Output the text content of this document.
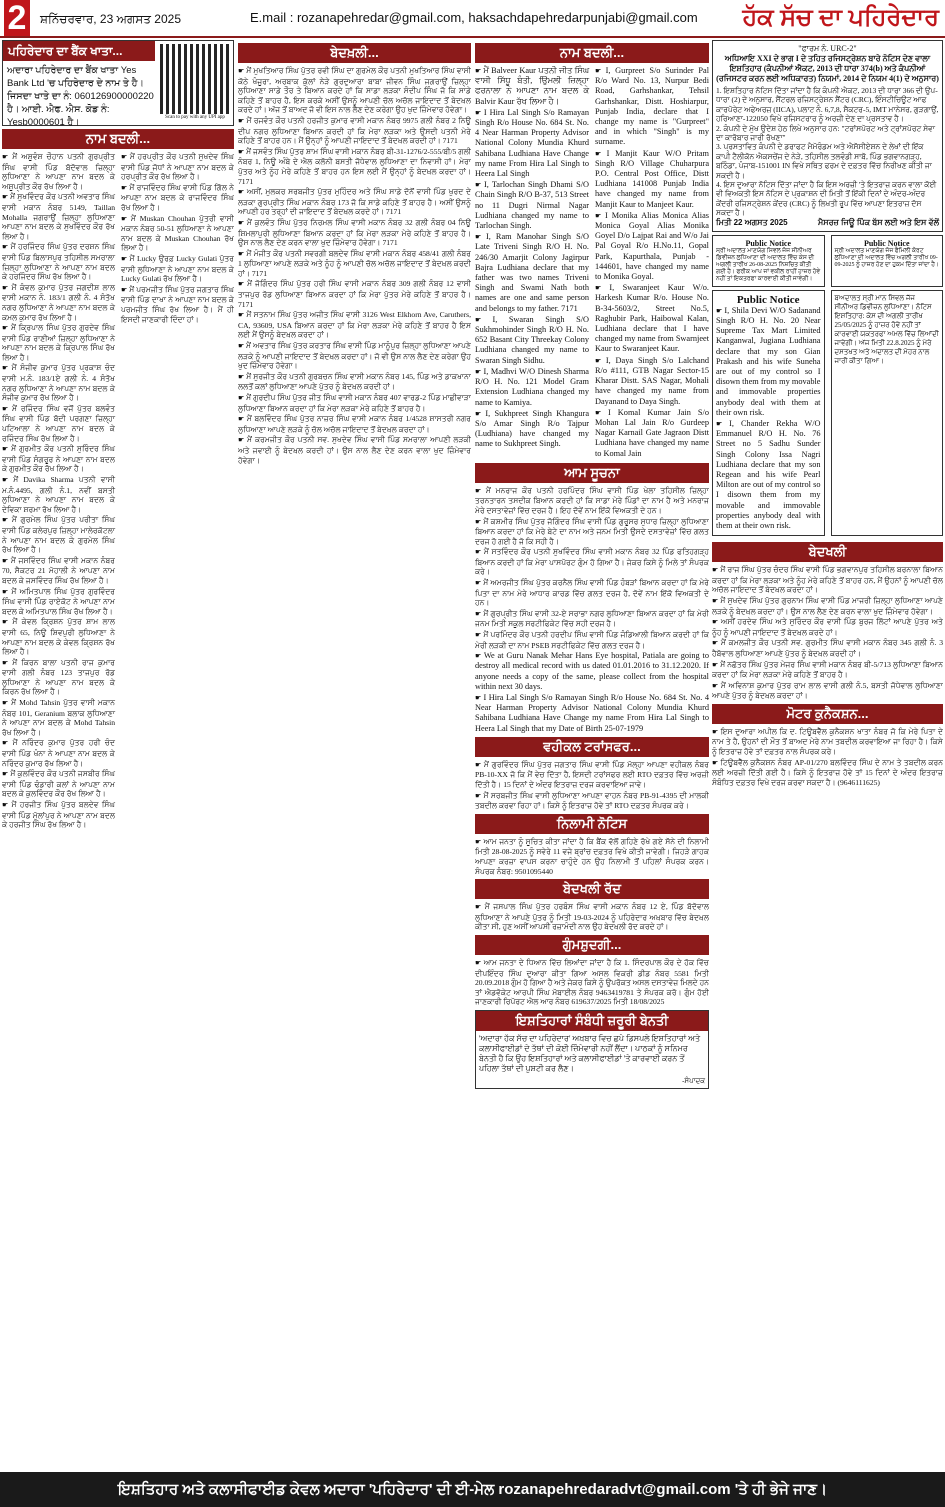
2 ਸ਼ਨਿੱਚਰਵਾਰ, 23 ਅਗਸਤ 2025	E.mail : rozanapehredar@gmail.com, haksachdapehredarpunjabi@gmail.com ਹੱਕ ਸੱਚ ਦਾ ਪਹਿਰੇਦਾਰ
ਪਹਿਰੇਦਾਰ ਦਾ ਬੈਂਕ ਖਾਤਾ...
ਅਦਾਰਾ ਪਹਿਰੇਦਾਰ ਦਾ ਬੈਂਕ ਖਾਤਾ Yes Bank Ltd 'ਚ ਪਹਿਰੇਦਾਰ ਦੇ ਨਾਮ ਤੇ ਹੈ। ਜਿਸਦਾ ਖਾਤੇ ਦਾ ਨੰ: 060126900000220 ਹੈ। ਆਈ. ਐਫ. ਐਸ. ਕੋਡ ਨੰ: Yesb0000601 ਹੈ।	Scan to pay with any UPI app
ਨਾਮ ਬਦਲੀ...

☛ ਮੈਂ ਅਸ਼ੂਵੰਸ਼ ਚੌਹਾਨ ਪਤਨੀ ਗੁਰਪ੍ਰੀਤ ਸਿੰਘ ਵਾਸੀ ਪਿੰਡ ਬੱਦੋਵਾਲ ਜ਼ਿਲ੍ਹਾ ਲੁਧਿਆਣਾ ਨੇ ਆਪਣਾ ਨਾਮ ਬਦਲ ਕੇ ਅਸ਼ੂਪ੍ਰੀਤ ਕੌਰ ਰੱਖ ਲਿਆ ਹੈ।

☛ ਮੈਂ ਸੁਖਵਿੰਦਰ ਕੌਰ ਪਤਨੀ ਅਵਤਾਰ ਸਿੰਘ ਵਾਸੀ ਮਕਾਨ ਨੰਬਰ 5149, Taillan Mohalla ਜਗਰਾਉਂ ਜ਼ਿਲ੍ਹਾ ਲੁਧਿਆਣਾ ਆਪਣਾ ਨਾਮ ਬਦਲ ਕੇ ਸੁਖਵਿੰਦਰ ਕੌਰ ਰੱਖ ਲਿਆ ਹੈ।

☛ ਮੈਂ ਹਰਜਿੰਦਰ ਸਿੰਘ ਪੁੱਤਰ ਦਰਸ਼ਨ ਸਿੰਘ ਵਾਸੀ ਪਿੰਡ ਬਿਲਾਸਪੁਰ ਤਹਿਸੀਲ ਸਮਰਾਲਾ ਜ਼ਿਲ੍ਹਾ ਲੁਧਿਆਣਾ ਨੇ ਆਪਣਾ ਨਾਮ ਬਦਲ ਕੇ ਹਰਜਿੰਦਰ ਸਿੰਘ ਰੱਖ ਲਿਆ ਹੈ।

☛ ਮੈਂ ਕੰਵਲ ਕੁਮਾਰ ਪੁੱਤਰ ਜਗਦੀਸ਼ ਲਾਲ ਵਾਸੀ ਮਕਾਨ ਨੰ. 183/1 ਗਲੀ ਨੰ. 4 ਸੰਤੋਖ ਨਗਰ ਲੁਧਿਆਣਾ ਨੇ ਆਪਣਾ ਨਾਮ ਬਦਲ ਕੇ ਕਮਲ ਕੁਮਾਰ ਰੱਖ ਲਿਆ ਹੈ।

☛ ਮੈਂ ਕ੍ਰਿਪਾਲ ਸਿੰਘ ਪੁੱਤਰ ਗੁਰਦੇਵ ਸਿੰਘ ਵਾਸੀ ਪਿੰਡ ਰਾਣੀਆਂ ਜ਼ਿਲ੍ਹਾ ਲੁਧਿਆਣਾ ਨੇ ਆਪਣਾ ਨਾਮ ਬਦਲ ਕੇ ਕ੍ਰਿਪਾਲ ਸਿੰਘ ਰੱਖ ਲਿਆ ਹੈ।

☛ ਮੈਂ ਸੰਜੀਵ ਕੁਮਾਰ ਪੁੱਤਰ ਪ੍ਰਕਾਸ਼ ਚੰਦ ਵਾਸੀ ਮ.ਨੰ. 183/1ਏ ਗਲੀ ਨੰ. 4 ਸੰਤੋਖ ਨਗਰ ਲੁਧਿਆਣਾ ਨੇ ਆਪਣਾ ਨਾਮ ਬਦਲ ਕੇ ਸੰਜੀਵ ਕੁਮਾਰ ਰੱਖ ਲਿਆ ਹੈ।

☛ ਮੈਂ ਰਜਿੰਦਰ ਸਿੰਘ ਵਜੋਂ ਪੁੱਤਰ ਬਲਵੰਤ ਸਿੰਘ ਵਾਸੀ ਪਿੰਡ ਬੱਦੀ ਪਰਗਣਾ ਜ਼ਿਲ੍ਹਾ ਪਟਿਆਲਾ ਨੇ ਆਪਣਾ ਨਾਮ ਬਦਲ ਕੇ ਰਜਿੰਦਰ ਸਿੰਘ ਰੱਖ ਲਿਆ ਹੈ।

☛ ਮੈਂ ਗੁਰਮੀਤ ਕੌਰ ਪਤਨੀ ਸੁਰਿੰਦਰ ਸਿੰਘ ਵਾਸੀ ਪਿੰਡ ਸੰਗਰੂਰ ਨੇ ਆਪਣਾ ਨਾਮ ਬਦਲ ਕੇ ਗੁਰਮੀਤ ਕੌਰ ਰੱਖ ਲਿਆ ਹੈ।

☛ ਮੈਂ Davika Sharma ਪਤਨੀ ਵਾਸੀ ਮ.ਨੰ.4495, ਗਲੀ ਨੰ.1, ਨਵੀਂ ਬਸਤੀ ਲੁਧਿਆਣਾ ਨੇ ਆਪਣਾ ਨਾਮ ਬਦਲ ਕੇ ਦੇਵਿਕਾ ਸ਼ਰਮਾ ਰੱਖ ਲਿਆ ਹੈ।

☛ ਮੈਂ ਗੁਰਮੇਲ ਸਿੰਘ ਪੁੱਤਰ ਪਰੀਤਾ ਸਿੰਘ ਵਾਸੀ ਪਿੰਡ ਕਲੇਰਪੁਰ ਜ਼ਿਲ੍ਹਾ ਮਾਲੇਰਕੋਟਲਾ ਨੇ ਆਪਣਾ ਨਾਮ ਬਦਲ ਕੇ ਗੁਰਮੇਲ ਸਿੰਘ ਰੱਖ ਲਿਆ ਹੈ।

☛ ਮੈਂ ਜਸਵਿੰਦਰ ਸਿੰਘ ਵਾਸੀ ਮਕਾਨ ਨੰਬਰ 70, ਸੈਕਟਰ 21 ਮੋਹਾਲੀ ਨੇ ਆਪਣਾ ਨਾਮ ਬਦਲ ਕੇ ਜਸਵਿੰਦਰ ਸਿੰਘ ਰੱਖ ਲਿਆ ਹੈ।

☛ ਮੈਂ ਅਮਿਤਪਾਲ ਸਿੰਘ ਪੁੱਤਰ ਗੁਰਵਿੰਦਰ ਸਿੰਘ ਵਾਸੀ ਪਿੰਡ ਰਾਏਕੋਟ ਨੇ ਆਪਣਾ ਨਾਮ ਬਦਲ ਕੇ ਅਮਿਤਪਾਲ ਸਿੰਘ ਰੱਖ ਲਿਆ ਹੈ।

☛ ਮੈਂ ਕੇਵਲ ਕ੍ਰਿਸ਼ਨ ਪੁੱਤਰ ਸ਼ਾਮ ਲਾਲ ਵਾਸੀ 65, ਨਿਊ ਸ਼ਿਵਪੁਰੀ ਲੁਧਿਆਣਾ ਨੇ ਆਪਣਾ ਨਾਮ ਬਦਲ ਕੇ ਕੇਵਲ ਕ੍ਰਿਸ਼ਨ ਰੱਖ ਲਿਆ ਹੈ।

☛ ਮੈਂ ਕਿਰਨ ਬਾਲਾ ਪਤਨੀ ਰਾਜ ਕੁਮਾਰ ਵਾਸੀ ਗਲੀ ਨੰਬਰ 123 ਤਾਜਪੁਰ ਰੋਡ ਲੁਧਿਆਣਾ ਨੇ ਆਪਣਾ ਨਾਮ ਬਦਲ ਕੇ ਕਿਰਨ ਰੱਖ ਲਿਆ ਹੈ।

☛ ਮੈਂ Mohd Tahsin ਪੁੱਤਰ ਵਾਸੀ ਮਕਾਨ ਨੰਬਰ 101, Geranium ਬਲਾਕ ਲੁਧਿਆਣਾ ਨੇ ਆਪਣਾ ਨਾਮ ਬਦਲ ਕੇ Mohd Tahsin ਰੱਖ ਲਿਆ ਹੈ।

☛ ਮੈਂ ਨਰਿੰਦਰ ਕੁਮਾਰ ਪੁੱਤਰ ਹਰੀ ਚੰਦ ਵਾਸੀ ਪਿੰਡ ਖੰਨਾ ਨੇ ਆਪਣਾ ਨਾਮ ਬਦਲ ਕੇ ਨਰਿੰਦਰ ਕੁਮਾਰ ਰੱਖ ਲਿਆ ਹੈ।

☛ ਮੈਂ ਕੁਲਵਿੰਦਰ ਕੌਰ ਪਤਨੀ ਜਸਬੀਰ ਸਿੰਘ ਵਾਸੀ ਪਿੰਡ ਢੰਡਾਰੀ ਕਲਾਂ ਨੇ ਆਪਣਾ ਨਾਮ ਬਦਲ ਕੇ ਕੁਲਵਿੰਦਰ ਕੌਰ ਰੱਖ ਲਿਆ ਹੈ।

☛ ਮੈਂ ਹਰਜੀਤ ਸਿੰਘ ਪੁੱਤਰ ਬਲਦੇਵ ਸਿੰਘ ਵਾਸੀ ਪਿੰਡ ਮੁੱਲਾਂਪੁਰ ਨੇ ਆਪਣਾ ਨਾਮ ਬਦਲ ਕੇ ਹਰਜੀਤ ਸਿੰਘ ਰੱਖ ਲਿਆ ਹੈ।

☛ ਮੈਂ ਹਰਪ੍ਰੀਤ ਕੌਰ ਪਤਨੀ ਸੁਖਦੇਵ ਸਿੰਘ ਵਾਸੀ ਪਿੰਡ ਜੋਧਾਂ ਨੇ ਆਪਣਾ ਨਾਮ ਬਦਲ ਕੇ ਹਰਪ੍ਰੀਤ ਕੌਰ ਰੱਖ ਲਿਆ ਹੈ।

☛ ਮੈਂ ਰਾਜਵਿੰਦਰ ਸਿੰਘ ਵਾਸੀ ਪਿੰਡ ਗਿੱਲ ਨੇ ਆਪਣਾ ਨਾਮ ਬਦਲ ਕੇ ਰਾਜਵਿੰਦਰ ਸਿੰਘ ਰੱਖ ਲਿਆ ਹੈ।

☛ ਮੈਂ Muskan Chouhan ਪੁੱਤਰੀ ਵਾਸੀ ਮਕਾਨ ਨੰਬਰ 50-51 ਲੁਧਿਆਣਾ ਨੇ ਆਪਣਾ ਨਾਮ ਬਦਲ ਕੇ Muskan Chouhan ਰੱਖ ਲਿਆ ਹੈ।

☛ ਮੈਂ Lucky ਉਰਫ਼ Lucky Gulati ਪੁੱਤਰ ਵਾਸੀ ਲੁਧਿਆਣਾ ਨੇ ਆਪਣਾ ਨਾਮ ਬਦਲ ਕੇ Lucky Gulati ਰੱਖ ਲਿਆ ਹੈ।

☛ ਮੈਂ ਪਰਮਜੀਤ ਸਿੰਘ ਪੁੱਤਰ ਜਗਤਾਰ ਸਿੰਘ ਵਾਸੀ ਪਿੰਡ ਦਾਖਾ ਨੇ ਆਪਣਾ ਨਾਮ ਬਦਲ ਕੇ ਪਰਮਜੀਤ ਸਿੰਘ ਰੱਖ ਲਿਆ ਹੈ। ਮੈਂ ਹੀ ਇਸਦੀ ਜਾਣਕਾਰੀ ਦਿੰਦਾ ਹਾਂ।

ਬੇਦਖ਼ਲੀ...

☛ ਮੈਂ ਮੁਖਤਿਆਰ ਸਿੰਘ ਪੁੱਤਰ ਰਵੀ ਸਿੰਘ ਦਾ ਗੁਰਮੇਲ ਕੌਰ ਪਤਨੀ ਮੁਖਤਿਆਰ ਸਿੰਘ ਵਾਸੀ ਕੋਠੇ ਖੰਜੂਰਾ, ਅਰਬਾਕ ਕੁੱਲਾਂ ਨੇੜੇ ਗੁਰਦੁਆਰਾ ਬਾਬਾ ਜੀਵਨ ਸਿੰਘ ਜਗਰਾਉਂ ਜ਼ਿਲ੍ਹਾ ਲੁਧਿਆਣਾ ਸਾਡੇ ਤੌਰ ਤੇ ਬਿਆਨ ਕਰਦੇ ਹਾਂ ਕਿ ਸਾਡਾ ਲੜਕਾ ਸੰਦੀਪ ਸਿੰਘ ਜੋ ਕਿ ਸਾਡੇ ਕਹਿਣੇ ਤੋਂ ਬਾਹਰ ਹੈ, ਇਸ ਕਰਕੇ ਅਸੀਂ ਉਸਨੂੰ ਆਪਣੀ ਚੱਲ ਅਚੱਲ ਜਾਇਦਾਦ ਤੋਂ ਬੇਦਖ਼ਲ ਕਰਦੇ ਹਾਂ। ਅੱਜ ਤੋਂ ਬਾਅਦ ਜੋ ਵੀ ਇਸ ਨਾਲ ਲੈਣ ਦੇਣ ਕਰੇਗਾ ਉਹ ਖੁਦ ਜ਼ਿੰਮੇਵਾਰ ਹੋਵੇਗਾ।

☛ ਮੈਂ ਰਜਵੰਤ ਕੌਰ ਪਤਨੀ ਹਰਜੀਤ ਕੁਮਾਰ ਵਾਸੀ ਮਕਾਨ ਨੰਬਰ 9975 ਗਲੀ ਨੰਬਰ 2 ਨਿਊ ਦੀਪ ਨਗਰ ਲੁਧਿਆਣਾ ਬਿਆਨ ਕਰਦੀ ਹਾਂ ਕਿ ਮੇਰਾ ਲੜਕਾ ਅਤੇ ਉਸਦੀ ਪਤਨੀ ਮੇਰੇ ਕਹਿਣੇ ਤੋਂ ਬਾਹਰ ਹਨ। ਮੈਂ ਉਨ੍ਹਾਂ ਨੂੰ ਆਪਣੀ ਜਾਇਦਾਦ ਤੋਂ ਬੇਦਖ਼ਲ ਕਰਦੀ ਹਾਂ। 7171

☛ ਮੈਂ ਜਸਵੰਤ ਸਿੰਘ ਪੁੱਤਰ ਸ਼ਾਮ ਸਿੰਘ ਵਾਸੀ ਮਕਾਨ ਨੰਬਰ ਬੀ-31-1276/2-555/ਬੀ/5 ਗਲੀ ਨੰਬਰ 1, ਨਿਊ ਅੰਬੇ ਦੇ ਐਲ ਕਲੋਨੀ ਬਸਤੀ ਜੋਧੇਵਾਲ ਲੁਧਿਆਣਾ ਦਾ ਨਿਵਾਸੀ ਹਾਂ। ਮੇਰਾ ਪੁੱਤਰ ਅਤੇ ਨੂੰਹ ਮੇਰੇ ਕਹਿਣੇ ਤੋਂ ਬਾਹਰ ਹਨ ਇਸ ਲਈ ਮੈਂ ਉਨ੍ਹਾਂ ਨੂੰ ਬੇਦਖ਼ਲ ਕਰਦਾ ਹਾਂ। 7171

☛ ਅਸੀਂ, ਮੁਲਕਰ ਸਰਬਜੀਤ ਪੁੱਤਰ ਮੁਹਿੰਦਰ ਅਤੇ ਸਿੰਘ ਸਾਡੇ ਦੋਨੋਂ ਵਾਸੀ ਪਿੰਡ ਖੁਰਦ ਦੇ ਲੜਕਾ ਗੁਰਪ੍ਰੀਤ ਸਿੰਘ ਮਕਾਨ ਨੰਬਰ 173 ਜੋ ਕਿ ਸਾਡੇ ਕਹਿਣੇ ਤੋਂ ਬਾਹਰ ਹੈ। ਅਸੀਂ ਉਸਨੂੰ ਆਪਣੀ ਹਰ ਤਰ੍ਹਾਂ ਦੀ ਜਾਇਦਾਦ ਤੋਂ ਬੇਦਖ਼ਲ ਕਰਦੇ ਹਾਂ। 7171

☛ ਮੈਂ ਕੁਲਵੰਤ ਸਿੰਘ ਪੁੱਤਰ ਨਿਰਮਲ ਸਿੰਘ ਵਾਸੀ ਮਕਾਨ ਨੰਬਰ 32 ਗਲੀ ਨੰਬਰ 04 ਨਿਊ ਸ਼ਿਮਲਾਪੁਰੀ ਲੁਧਿਆਣਾ ਬਿਆਨ ਕਰਦਾ ਹਾਂ ਕਿ ਮੇਰਾ ਲੜਕਾ ਮੇਰੇ ਕਹਿਣੇ ਤੋਂ ਬਾਹਰ ਹੈ। ਉਸ ਨਾਲ ਲੈਣ ਦੇਣ ਕਰਨ ਵਾਲਾ ਖੁਦ ਜ਼ਿੰਮੇਵਾਰ ਹੋਵੇਗਾ। 7171

☛ ਮੈਂ ਮੰਜੀਤ ਕੌਰ ਪਤਨੀ ਸਵਰਗੀ ਬਲਦੇਵ ਸਿੰਘ ਵਾਸੀ ਮਕਾਨ ਨੰਬਰ 458/41 ਗਲੀ ਨੰਬਰ 1 ਲੁਧਿਆਣਾ ਆਪਣੇ ਲੜਕੇ ਅਤੇ ਨੂੰਹ ਨੂੰ ਆਪਣੀ ਚੱਲ ਅਚੱਲ ਜਾਇਦਾਦ ਤੋਂ ਬੇਦਖ਼ਲ ਕਰਦੀ ਹਾਂ। 7171

☛ ਮੈਂ ਜੋਗਿੰਦਰ ਸਿੰਘ ਪੁੱਤਰ ਹਰੀ ਸਿੰਘ ਵਾਸੀ ਮਕਾਨ ਨੰਬਰ 309 ਗਲੀ ਨੰਬਰ 12 ਵਾਸੀ ਤਾਜਪੁਰ ਰੋਡ ਲੁਧਿਆਣਾ ਬਿਆਨ ਕਰਦਾ ਹਾਂ ਕਿ ਮੇਰਾ ਪੁੱਤਰ ਮੇਰੇ ਕਹਿਣੇ ਤੋਂ ਬਾਹਰ ਹੈ। 7171

☛ ਮੈਂ ਸਤਨਾਮ ਸਿੰਘ ਪੁੱਤਰ ਅਜੀਤ ਸਿੰਘ ਵਾਸੀ 3126 West Elkhorn Ave, Caruthers, CA, 93609, USA ਬਿਆਨ ਕਰਦਾ ਹਾਂ ਕਿ ਮੇਰਾ ਲੜਕਾ ਮੇਰੇ ਕਹਿਣੇ ਤੋਂ ਬਾਹਰ ਹੈ ਇਸ ਲਈ ਮੈਂ ਉਸਨੂੰ ਬੇਦਖ਼ਲ ਕਰਦਾ ਹਾਂ।

☛ ਮੈਂ ਅਵਤਾਰ ਸਿੰਘ ਪੁੱਤਰ ਕਰਤਾਰ ਸਿੰਘ ਵਾਸੀ ਪਿੰਡ ਮਾਨੂੰਪੁਰ ਜ਼ਿਲ੍ਹਾ ਲੁਧਿਆਣਾ ਆਪਣੇ ਲੜਕੇ ਨੂੰ ਆਪਣੀ ਜਾਇਦਾਦ ਤੋਂ ਬੇਦਖ਼ਲ ਕਰਦਾ ਹਾਂ। ਜੋ ਵੀ ਉਸ ਨਾਲ ਲੈਣ ਦੇਣ ਕਰੇਗਾ ਉਹ ਖੁਦ ਜ਼ਿੰਮੇਵਾਰ ਹੋਵੇਗਾ।

☛ ਮੈਂ ਸੁਰਜੀਤ ਕੌਰ ਪਤਨੀ ਗੁਰਬਚਨ ਸਿੰਘ ਵਾਸੀ ਮਕਾਨ ਨੰਬਰ 145, ਪਿੰਡ ਅਤੇ ਡਾਕਖਾਨਾ ਲਲਤੋਂ ਕਲਾਂ ਲੁਧਿਆਣਾ ਆਪਣੇ ਪੁੱਤਰ ਨੂੰ ਬੇਦਖ਼ਲ ਕਰਦੀ ਹਾਂ।

☛ ਮੈਂ ਗੁਰਦੀਪ ਸਿੰਘ ਪੁੱਤਰ ਜੀਤ ਸਿੰਘ ਵਾਸੀ ਮਕਾਨ ਨੰਬਰ 407 ਵਾਰਡ-2 ਪਿੰਡ ਮਾਛੀਵਾੜਾ ਲੁਧਿਆਣਾ ਬਿਆਨ ਕਰਦਾ ਹਾਂ ਕਿ ਮੇਰਾ ਲੜਕਾ ਮੇਰੇ ਕਹਿਣੇ ਤੋਂ ਬਾਹਰ ਹੈ।

☛ ਮੈਂ ਬਲਵਿੰਦਰ ਸਿੰਘ ਪੁੱਤਰ ਨਾਜ਼ਰ ਸਿੰਘ ਵਾਸੀ ਮਕਾਨ ਨੰਬਰ 1/4528 ਸ਼ਾਸਤਰੀ ਨਗਰ ਲੁਧਿਆਣਾ ਆਪਣੇ ਲੜਕੇ ਨੂੰ ਚੱਲ ਅਚੱਲ ਜਾਇਦਾਦ ਤੋਂ ਬੇਦਖ਼ਲ ਕਰਦਾ ਹਾਂ।

☛ ਮੈਂ ਕਰਮਜੀਤ ਕੌਰ ਪਤਨੀ ਸਵ. ਸੁਖਦੇਵ ਸਿੰਘ ਵਾਸੀ ਪਿੰਡ ਸਮਰਾਲਾ ਆਪਣੀ ਲੜਕੀ ਅਤੇ ਜਵਾਈ ਨੂੰ ਬੇਦਖ਼ਲ ਕਰਦੀ ਹਾਂ। ਉਸ ਨਾਲ ਲੈਣ ਦੇਣ ਕਰਨ ਵਾਲਾ ਖੁਦ ਜ਼ਿੰਮੇਵਾਰ ਹੋਵੇਗਾ।

ਨਾਮ ਬਦਲੀ...

☛ ਮੈਂ Balveer Kaur ਪਤਨੀ ਜੀਤ ਸਿੰਘ ਵਾਸੀ ਸਿੱਧੂ ਬੰਤੀ, ਉਿਮਲੀ ਜ਼ਿਲ੍ਹਾ ਫਰਨਾਲਾ ਨੇ ਆਪਣਾ ਨਾਮ ਬਦਲ ਕੇ Balvir Kaur ਰੱਖ ਲਿਆ ਹੈ।

☛ I Hira Lal Singh S/o Ramayan Singh R/o House No. 684 St. No. 4 Near Harman Property Advisor National Colony Mundia Khurd Sahibana Ludhiana Have Change my name From Hira Lal Singh to Heera Lal Singh

☛ I, Tarlochan Singh Dhami S/O Chain Singh R/O B-37, 513 Street no 11 Dugri Nirmal Nagar Ludhiana changed my name to Tarlochan Singh.

☛ I, Ram Manohar Singh S/O Late Triveni Singh R/O H. No. 246/30 Amarjit Colony Jagirpur Bajra Ludhiana declare that my father was two names Triveni Singh and Swami Nath both names are one and same person and belongs to my father. 7171

☛ I, Swaran Singh S/O Sukhmohinder Singh R/O H. No. 652 Basant City Threekay Colony Ludhiana changed my name to Swaran Singh Sidhu.

☛ I, Madhvi W/O Dinesh Sharma R/O H. No. 121 Model Gram Extension Ludhiana changed my name to Kamiya.

☛ I, Sukhpreet Singh Khangura S/o Amar Singh R/o Tajpur (Ludhiana) have changed my name to Sukhpreet Singh.

☛ I, Gurpreet S/o Surinder Pal R/o Ward No. 13, Nurpur Bedi Road, Garhshankar, Tehsil Garhshankar, Distt. Hoshiarpur, Punjab India, declare that I change my name is "Gurpreet" and in which "Singh" is my surname.

☛ I Manjit Kaur W/O Pritam Singh R/O Village Chuharpura P.O. Central Post Office, Distt Ludhiana 141008 Punjab India have changed my name from Manjit Kaur to Manjeet Kaur.

☛ I Monika Alias Monica Alias Monica Goyal Alias Monika Goyel D/o Lajpat Rai and W/o Jai Pal Goyal R/o H.No.11, Gopal Park, Kapurthala, Punjab - 144601, have changed my name to Monika Goyal.

☛ I, Swaranjeet Kaur W/o. Harkesh Kumar R/o. House No. B-34-5603/2, Street No.5, Raghubir Park, Haibowal Kalan, Ludhiana declare that I have changed my name from Swarnjeet Kaur to Swaranjeet Kaur.

☛ I, Daya Singh S/o Lalchand R/o #111, GTB Nagar Sector-15 Kharar Distt. SAS Nagar, Mohali have changed my name from Dayanand to Daya Singh.

☛ I Komal Kumar Jain S/o Mohan Lal Jain R/o Gurdeep Nagar Karnail Gate Jagraon Distt Ludhiana have changed my name to Komal Jain

ਆਮ ਸੂਚਨਾ

☛ ਮੈਂ ਮਨਰਾਜ ਕੌਰ ਪਤਨੀ ਹਰਪਿੰਦਰ ਸਿੰਘ ਵਾਸੀ ਪਿੰਡ ਖੇਲਾ ਤਹਿਸੀਲ ਜ਼ਿਲ੍ਹਾ ਤਰਨਤਾਰਨ ਤਸਦੀਕ ਬਿਆਨ ਕਰਦੀ ਹਾਂ ਕਿ ਸਾਡਾ ਮੇਰੇ ਪਿੰਡਾਂ ਦਾ ਨਾਮ ਹੈ ਅਤੇ ਮਨਰਾਜ ਮੇਰੇ ਦਸਤਾਵੇਜ਼ਾਂ ਵਿੱਚ ਦਰਜ ਹੈ। ਇਹ ਦੋਵੇਂ ਨਾਮ ਇੱਕੋ ਵਿਅਕਤੀ ਦੇ ਹਨ।

☛ ਮੈਂ ਕਸ਼ਮੀਰ ਸਿੰਘ ਪੁੱਤਰ ਜੋਗਿੰਦਰ ਸਿੰਘ ਵਾਸੀ ਪਿੰਡ ਗੁਰੂਸਰ ਸੁਧਾਰ ਜ਼ਿਲ੍ਹਾ ਲੁਧਿਆਣਾ ਬਿਆਨ ਕਰਦਾ ਹਾਂ ਕਿ ਮੇਰੇ ਬੇਟੇ ਦਾ ਨਾਮ ਅਤੇ ਜਨਮ ਮਿਤੀ ਉਸਦੇ ਦਸਤਾਵੇਜ਼ਾਂ ਵਿੱਚ ਗਲਤ ਦਰਜ ਹੋ ਗਈ ਹੈ ਜੋ ਕਿ ਸਹੀ ਹੈ।

☛ ਮੈਂ ਸਤਵਿੰਦਰ ਕੌਰ ਪਤਨੀ ਸੁਖਵਿੰਦਰ ਸਿੰਘ ਵਾਸੀ ਮਕਾਨ ਨੰਬਰ 32 ਪਿੰਡ ਫਤਿਹਗੜ੍ਹ ਬਿਆਨ ਕਰਦੀ ਹਾਂ ਕਿ ਮੇਰਾ ਪਾਸਪੋਰਟ ਗੁੰਮ ਹੋ ਗਿਆ ਹੈ। ਜੇਕਰ ਕਿਸੇ ਨੂੰ ਮਿਲੇ ਤਾਂ ਸੰਪਰਕ ਕਰੇ।

☛ ਮੈਂ ਅਮਰਜੀਤ ਸਿੰਘ ਪੁੱਤਰ ਕਰਨੈਲ ਸਿੰਘ ਵਾਸੀ ਪਿੰਡ ਹੰਬੜਾਂ ਬਿਆਨ ਕਰਦਾ ਹਾਂ ਕਿ ਮੇਰੇ ਪਿਤਾ ਦਾ ਨਾਮ ਮੇਰੇ ਆਧਾਰ ਕਾਰਡ ਵਿੱਚ ਗਲਤ ਦਰਜ ਹੈ, ਦੋਵੇਂ ਨਾਮ ਇੱਕੋ ਵਿਅਕਤੀ ਦੇ ਹਨ।

☛ ਮੈਂ ਗੁਰਪ੍ਰੀਤ ਸਿੰਘ ਵਾਸੀ 32-ਏ ਸਰਾਭਾ ਨਗਰ ਲੁਧਿਆਣਾ ਬਿਆਨ ਕਰਦਾ ਹਾਂ ਕਿ ਮੇਰੀ ਜਨਮ ਮਿਤੀ ਸਕੂਲ ਸਰਟੀਫਿਕੇਟ ਵਿੱਚ ਸਹੀ ਦਰਜ ਹੈ।

☛ ਮੈਂ ਪਰਮਿੰਦਰ ਕੌਰ ਪਤਨੀ ਹਰਦੀਪ ਸਿੰਘ ਵਾਸੀ ਪਿੰਡ ਜੰਡਿਆਲੀ ਬਿਆਨ ਕਰਦੀ ਹਾਂ ਕਿ ਮੇਰੀ ਲੜਕੀ ਦਾ ਨਾਮ PSEB ਸਰਟੀਫਿਕੇਟ ਵਿੱਚ ਗਲਤ ਦਰਜ ਹੈ।

☛ We at Guru Nanak Mehar Hans Eye hospital, Patiala are going to destroy all medical record with us dated 01.01.2016 to 31.12.2020. If anyone needs a copy of the same, please collect from the hospital within next 30 days.

☛ I Hira Lal Singh S/o Ramayan Singh R/o House No. 684 St. No. 4 Near Harman Property Advisor National Colony Mundia Khurd Sahibana Ludhiana Have Change my name From Hira Lal Singh to Heera Lal Singh that my Date of Birth 25-07-1979

ਵਹੀਕਲ ਟਰਾਂਸਫਰ...

☛ ਮੈਂ ਗੁਰਵਿੰਦਰ ਸਿੰਘ ਪੁੱਤਰ ਜਗਤਾਰ ਸਿੰਘ ਵਾਸੀ ਪਿੰਡ ਮੱਲ੍ਹਾ ਆਪਣਾ ਵਹੀਕਲ ਨੰਬਰ PB-10-XX ਜੋ ਕਿ ਮੈਂ ਵੇਚ ਦਿੱਤਾ ਹੈ, ਇਸਦੀ ਟਰਾਂਸਫਰ ਲਈ RTO ਦਫ਼ਤਰ ਵਿੱਚ ਅਰਜ਼ੀ ਦਿੱਤੀ ਹੈ। 15 ਦਿਨਾਂ ਦੇ ਅੰਦਰ ਇਤਰਾਜ਼ ਦਰਜ ਕਰਵਾਇਆ ਜਾਵੇ।

☛ ਮੈਂ ਸਰਬਜੀਤ ਸਿੰਘ ਵਾਸੀ ਲੁਧਿਆਣਾ ਆਪਣਾ ਵਾਹਨ ਨੰਬਰ PB-91-4395 ਦੀ ਮਾਲਕੀ ਤਬਦੀਲ ਕਰਵਾ ਰਿਹਾ ਹਾਂ। ਕਿਸੇ ਨੂੰ ਇਤਰਾਜ਼ ਹੋਵੇ ਤਾਂ RTO ਦਫ਼ਤਰ ਸੰਪਰਕ ਕਰੇ।

ਨਿਲਾਮੀ ਨੋਟਿਸ

☛ ਆਮ ਜਨਤਾ ਨੂੰ ਸੂਚਿਤ ਕੀਤਾ ਜਾਂਦਾ ਹੈ ਕਿ ਬੈਂਕ ਵੱਲੋਂ ਗਹਿਣੇ ਰੱਖੇ ਗਏ ਸੋਨੇ ਦੀ ਨਿਲਾਮੀ ਮਿਤੀ 28-08-2025 ਨੂੰ ਸਵੇਰੇ 11 ਵਜੇ ਬ੍ਰਾਂਚ ਦਫ਼ਤਰ ਵਿਖੇ ਕੀਤੀ ਜਾਵੇਗੀ। ਜਿਹੜੇ ਗਾਹਕ ਆਪਣਾ ਕਰਜ਼ਾ ਵਾਪਸ ਕਰਨਾ ਚਾਹੁੰਦੇ ਹਨ ਉਹ ਨਿਲਾਮੀ ਤੋਂ ਪਹਿਲਾਂ ਸੰਪਰਕ ਕਰਨ। ਸੰਪਰਕ ਨੰਬਰ: 9501095440

ਬੇਦਖਲੀ ਰੱਦ

☛ ਮੈਂ ਜਸਪਾਲ ਸਿੰਘ ਪੁੱਤਰ ਹਰਬੰਸ ਸਿੰਘ ਵਾਸੀ ਮਕਾਨ ਨੰਬਰ 12 ਏ, ਪਿੰਡ ਬੱਦੋਵਾਲ ਲੁਧਿਆਣਾ ਨੇ ਆਪਣੇ ਪੁੱਤਰ ਨੂੰ ਮਿਤੀ 19-03-2024 ਨੂੰ ਪਹਿਰੇਦਾਰ ਅਖ਼ਬਾਰ ਵਿੱਚ ਬੇਦਖ਼ਲ ਕੀਤਾ ਸੀ, ਹੁਣ ਅਸੀਂ ਆਪਸੀ ਰਜ਼ਾਮੰਦੀ ਨਾਲ ਉਹ ਬੇਦਖ਼ਲੀ ਰੱਦ ਕਰਦੇ ਹਾਂ।

ਗੁੰਮਸ਼ੁਦਗੀ...

☛ ਆਮ ਜਨਤਾ ਦੇ ਧਿਆਨ ਵਿੱਚ ਲਿਆਂਦਾ ਜਾਂਦਾ ਹੈ ਕਿ 1. ਸਿੰਦਰਪਾਲ ਕੌਰ ਦੇ ਹੱਕ ਵਿੱਚ ਦੀਪਇੰਦਰ ਸਿੰਘ ਦੁਆਰਾ ਕੀਤਾ ਗਿਆ ਅਸਲ ਵਿਕਰੀ ਡੀਡ ਨੰਬਰ 5581 ਮਿਤੀ 20.09.2018 ਗੁੰਮ ਹੋ ਗਿਆ ਹੈ ਅਤੇ ਜੇਕਰ ਕਿਸੇ ਨੂੰ ਉਪਰੋਕਤ ਅਸਲ ਦਸਤਾਵੇਜ਼ ਮਿਲਦੇ ਹਨ ਤਾਂ ਐਡਵੋਕੇਟ ਆਰਪੀ ਸਿੰਘ ਮੋਬਾਈਲ ਨੰਬਰ 9463419781 ਤੇ ਸੰਪਰਕ ਕਰੋ। ਗੁੰਮ ਹੋਈ ਜਾਣਕਾਰੀ ਰਿਪੋਰਟ ਐਲ ਆਰ ਨੰਬਰ 619637/2025 ਮਿਤੀ 18/08/2025

ਇਸ਼ਤਿਹਾਰਾਂ ਸੰਬੰਧੀ ਜ਼ਰੂਰੀ ਬੇਨਤੀ
'ਅਦਾਰਾ ਹੱਕ ਸੱਚ ਦਾ ਪਹਿਰੇਦਾਰ' ਅਖ਼ਬਾਰ ਵਿਚ ਛਪੇ ਡਿਸਪਲੇ ਇਸ਼ਤਿਹਾਰਾਂ ਅਤੇ ਕਲਾਸੀਫਾਈਡਾਂ ਦੇ ਤੱਥਾਂ ਦੀ ਕੋਈ ਜ਼ਿੰਮੇਵਾਰੀ ਨਹੀਂ ਲੈਂਦਾ। ਪਾਠਕਾਂ ਨੂੰ ਸਨਿਮਰ ਬੇਨਤੀ ਹੈ ਕਿ ਉਹ ਇਸ਼ਤਿਹਾਰਾਂ ਅਤੇ ਕਲਾਸੀਫਾਈਡਾਂ 'ਤੇ ਕਾਰਵਾਈ ਕਰਨ ਤੋਂ ਪਹਿਲਾ ਤੱਥਾਂ ਦੀ ਪੁਸ਼ਟੀ ਕਰ ਲੈਣ।
-ਸੰਪਾਦਕ
"ਫਾਰਮ ਨੰ. URC-2"
ਅਧਿਆਇ XXI ਦੇ ਭਾਗ I ਦੇ ਤਹਿਤ ਰਜਿਸਟ੍ਰੇਸ਼ਨ ਬਾਰੇ ਨੋਟਿਸ ਦੇਣ ਵਾਲਾ ਇਸ਼ਤਿਹਾਰ (ਕੰਪਨੀਆਂ ਐਕਟ, 2013 ਦੀ ਧਾਰਾ 374(b) ਅਤੇ ਕੰਪਨੀਆਂ (ਰਜਿਸਟਰ ਕਰਨ ਲਈ ਅਧਿਕਾਰਤ) ਨਿਯਮਾਂ, 2014 ਦੇ ਨਿਯਮ 4(1) ਦੇ ਅਨੁਸਾਰ)

1. ਇਸ਼ਤਿਹਾਰ ਨੋਟਿਸ ਦਿੱਤਾ ਜਾਂਦਾ ਹੈ ਕਿ ਕੰਪਨੀ ਐਕਟ, 2013 ਦੀ ਧਾਰਾ 366 ਦੀ ਉਪ-ਧਾਰਾ (2) ਦੇ ਅਨੁਸਾਰ, ਸੈਂਟਰਲ ਰਜਿਸਟ੍ਰੇਸ਼ਨ ਸੈਂਟਰ (CRC), ਇੰਸਟੀਚਿਊਟ ਆਫ ਕਾਰਪੋਰੇਟ ਅਫੇਅਰਜ਼ (IICA), ਪਲਾਟ ਨੰ. 6,7,8, ਸੈਕਟਰ-5, IMT ਮਾਨੇਸਰ, ਗੁੜਗਾਉਂ, ਹਰਿਆਣਾ-122050 ਵਿਖੇ ਰਜਿਸਟਰਾਰ ਨੂੰ ਅਰਜ਼ੀ ਦੇਣ ਦਾ ਪ੍ਰਸਤਾਵ ਹੈ।

2. ਕੰਪਨੀ ਦੇ ਮੁੱਖ ਉਦੇਸ਼ ਹੇਠ ਲਿਖੇ ਅਨੁਸਾਰ ਹਨ: "ਟਰਾਂਸਪੋਰਟ ਅਤੇ ਟ੍ਰਾਂਸਪੋਰਟ ਸੇਵਾ ਦਾ ਕਾਰੋਬਾਰ ਜਾਰੀ ਰੱਖਣਾ"

3. ਪ੍ਰਸਤਾਵਿਤ ਕੰਪਨੀ ਦੇ ਡਰਾਫਟ ਮੈਮੋਰੰਡਮ ਅਤੇ ਐਸੋਸੀਏਸ਼ਨ ਦੇ ਲੇਖਾਂ ਦੀ ਇੱਕ ਕਾਪੀ ਟੈਲੀਕੋਨ ਐਕਸਚੇਂਜ ਦੇ ਨੇੜੇ, ਤਹਿਸੀਲ ਤਲਵੰਡੀ ਸਾਬੋ, ਪਿੰਡ ਭਗਵਾਨਗੜ੍ਹ, ਬਠਿੰਡਾ, ਪੰਜਾਬ-151001 IN ਵਿਖੇ ਸਥਿਤ ਫਰਮ ਦੇ ਦਫ਼ਤਰ ਵਿੱਚ ਨਿਰੀਖਣ ਕੀਤੀ ਜਾ ਸਕਦੀ ਹੈ।

4. ਇਸ ਦੁਆਰਾ ਨੋਟਿਸ ਦਿੱਤਾ ਜਾਂਦਾ ਹੈ ਕਿ ਇਸ ਅਰਜ਼ੀ 'ਤੇ ਇਤਰਾਜ਼ ਕਰਨ ਵਾਲਾ ਕੋਈ ਵੀ ਵਿਅਕਤੀ ਇਸ ਨੋਟਿਸ ਦੇ ਪ੍ਰਕਾਸ਼ਨ ਦੀ ਮਿਤੀ ਤੋਂ ਇੱਕੀ ਦਿਨਾਂ ਦੇ ਅੰਦਰ-ਅੰਦਰ ਕੇਂਦਰੀ ਰਜਿਸਟ੍ਰੇਸ਼ਨ ਕੇਂਦਰ (CRC) ਨੂੰ ਲਿਖਤੀ ਰੂਪ ਵਿੱਚ ਆਪਣਾ ਇਤਰਾਜ਼ ਦੱਸ ਸਕਦਾ ਹੈ।

ਮਿਤੀ 22 ਅਗਸਤ 2025	ਮੈਸਰਜ਼ ਜਿਊ ਪਿੰਕ ਬੱਸ ਲਈ ਅਤੇ ਇਸ ਵੱਲੋਂ
Public Notice
ਸ੍ਰੀ ਅਦਾਲਤ ਮਾਣਯੋਗ ਸਿਵਲ ਜੱਜ ਸੀਨੀਅਰ ਡਿਵੀਜ਼ਨ ਲੁਧਿਆਣਾ ਦੀ ਅਦਾਲਤ ਵਿੱਚ ਕੇਸ ਦੀ ਅਗਲੀ ਤਾਰੀਖ 26-08-2025 ਨਿਸ਼ਚਿਤ ਕੀਤੀ ਗਈ ਹੈ। ਫਰੀਕ ਆਪ ਜਾਂ ਵਕੀਲ ਰਾਹੀਂ ਹਾਜ਼ਰ ਹੋਵੇ ਨਹੀਂ ਤਾਂ ਇਕਤਰਫਾ ਕਾਰਵਾਈ ਕੀਤੀ ਜਾਵੇਗੀ।
Public Notice
ਸ੍ਰੀ ਅਦਾਲਤ ਮਾਣਯੋਗ ਜੱਜ ਫੈਮਿਲੀ ਕੋਰਟ ਲੁਧਿਆਣਾ ਦੀ ਅਦਾਲਤ ਵਿੱਚ ਅਗਲੀ ਤਾਰੀਖ 09-09-2025 ਨੂੰ ਹਾਜ਼ਰ ਹੋਣ ਦਾ ਹੁਕਮ ਦਿੱਤਾ ਜਾਂਦਾ ਹੈ।
Public Notice

☛ I, Shila Devi W/O Sadanand Singh R/O H. No. 20 Near Supreme Tax Mart Limited Kanganwal, Jugiana Ludhiana declare that my son Gian Prakash and his wife Suneha are out of my control so I disown them from my movable and immovable properties anybody deal with them at their own risk.

☛ I, Chander Rekha W/O Emmanuel R/O H. No. 76 Street no 5 Sadhu Sunder Singh Colony Issa Nagri Ludhiana declare that my son Regean and his wife Pearl Milton are out of my control so I disown them from my movable and immovable properties anybody deal with them at their own risk.

ਬਅਦਾਲਤ ਸ੍ਰੀ ਮਾਨ ਸਿਵਲ ਜੱਜ ਸੀਨੀਅਰ ਡਿਵੀਜ਼ਨ ਲੁਧਿਆਣਾ। ਨੋਟਿਸ ਇਸ਼ਤਿਹਾਰ: ਕੇਸ ਦੀ ਅਗਲੀ ਤਾਰੀਖ 25/05/2025 ਨੂੰ ਹਾਜ਼ਰ ਹੋਵੇ ਨਹੀਂ ਤਾਂ ਕਾਰਵਾਈ ਯਕਤਰਫਾ ਅਮਲ ਵਿੱਚ ਲਿਆਂਦੀ ਜਾਵੇਗੀ। ਅੱਜ ਮਿਤੀ 22.8.2025 ਨੂੰ ਮੇਰੇ ਦਸਤਖਤ ਅਤੇ ਅਦਾਲਤ ਦੀ ਮੋਹਰ ਨਾਲ ਜਾਰੀ ਕੀਤਾ ਗਿਆ।
ਬੇਦਖਲੀ

☛ ਮੈਂ ਰਾਜ ਸਿੰਘ ਪੁੱਤਰ ਚੰਦਰ ਸਿੰਘ ਵਾਸੀ ਪਿੰਡ ਭਗਵਾਨਪੁਰ ਤਹਿਸੀਲ ਬਰਨਾਲਾ ਬਿਆਨ ਕਰਦਾ ਹਾਂ ਕਿ ਮੇਰਾ ਲੜਕਾ ਅਤੇ ਨੂੰਹ ਮੇਰੇ ਕਹਿਣੇ ਤੋਂ ਬਾਹਰ ਹਨ, ਮੈਂ ਉਹਨਾਂ ਨੂੰ ਆਪਣੀ ਚੱਲ ਅਚੱਲ ਜਾਇਦਾਦ ਤੋਂ ਬੇਦਖ਼ਲ ਕਰਦਾ ਹਾਂ।

☛ ਮੈਂ ਸੁਖਦੇਵ ਸਿੰਘ ਪੁੱਤਰ ਗੁਰਨਾਮ ਸਿੰਘ ਵਾਸੀ ਪਿੰਡ ਮਾਜਰੀ ਜ਼ਿਲ੍ਹਾ ਲੁਧਿਆਣਾ ਆਪਣੇ ਲੜਕੇ ਨੂੰ ਬੇਦਖ਼ਲ ਕਰਦਾ ਹਾਂ। ਉਸ ਨਾਲ ਲੈਣ ਦੇਣ ਕਰਨ ਵਾਲਾ ਖੁਦ ਜ਼ਿੰਮੇਵਾਰ ਹੋਵੇਗਾ।

☛ ਅਸੀਂ ਹਰਦੇਵ ਸਿੰਘ ਅਤੇ ਸੁਰਿੰਦਰ ਕੌਰ ਵਾਸੀ ਪਿੰਡ ਬੁਰਜ ਲਿੱਟਾਂ ਆਪਣੇ ਪੁੱਤਰ ਅਤੇ ਨੂੰਹ ਨੂੰ ਆਪਣੀ ਜਾਇਦਾਦ ਤੋਂ ਬੇਦਖ਼ਲ ਕਰਦੇ ਹਾਂ।

☛ ਮੈਂ ਕਮਲਜੀਤ ਕੌਰ ਪਤਨੀ ਸਵ. ਗੁਰਮੀਤ ਸਿੰਘ ਵਾਸੀ ਮਕਾਨ ਨੰਬਰ 345 ਗਲੀ ਨੰ. 3 ਹੈਬੋਵਾਲ ਲੁਧਿਆਣਾ ਆਪਣੇ ਪੁੱਤਰ ਨੂੰ ਬੇਦਖ਼ਲ ਕਰਦੀ ਹਾਂ।

☛ ਮੈਂ ਨਛੱਤਰ ਸਿੰਘ ਪੁੱਤਰ ਮੇਜਰ ਸਿੰਘ ਵਾਸੀ ਮਕਾਨ ਨੰਬਰ ਬੀ-5/713 ਲੁਧਿਆਣਾ ਬਿਆਨ ਕਰਦਾ ਹਾਂ ਕਿ ਮੇਰਾ ਲੜਕਾ ਮੇਰੇ ਕਹਿਣੇ ਤੋਂ ਬਾਹਰ ਹੈ।

☛ ਮੈਂ ਅਵਿਨਾਸ਼ ਕੁਮਾਰ ਪੁੱਤਰ ਰਾਮ ਲਾਲ ਵਾਸੀ ਗਲੀ ਨੰ.5, ਬਸਤੀ ਜੋਧੇਵਾਲ ਲੁਧਿਆਣਾ ਆਪਣੇ ਪੁੱਤਰ ਨੂੰ ਬੇਦਖ਼ਲ ਕਰਦਾ ਹਾਂ।

ਮੋਟਰ ਕੁਨੈਕਸ਼ਨ...

☛ ਇਸ ਦੁਆਰਾ ਅਪੀਲ ਕਿ ਦ. ਟਿਊਬਵੈੱਲ ਕੁਨੈਕਸ਼ਨ ਖਾਤਾ ਨੰਬਰ ਜੋ ਕਿ ਮੇਰੇ ਪਿਤਾ ਦੇ ਨਾਮ ਤੇ ਹੈ, ਉਹਨਾਂ ਦੀ ਮੌਤ ਤੋਂ ਬਾਅਦ ਮੇਰੇ ਨਾਮ ਤਬਦੀਲ ਕਰਵਾਇਆ ਜਾ ਰਿਹਾ ਹੈ। ਕਿਸੇ ਨੂੰ ਇਤਰਾਜ਼ ਹੋਵੇ ਤਾਂ ਦਫ਼ਤਰ ਨਾਲ ਸੰਪਰਕ ਕਰੇ।

☛ ਟਿਊਬਵੈੱਲ ਕੁਨੈਕਸ਼ਨ ਨੰਬਰ AP-01/270 ਬਲਵਿੰਦਰ ਸਿੰਘ ਦੇ ਨਾਮ ਤੇ ਤਬਦੀਲ ਕਰਨ ਲਈ ਅਰਜ਼ੀ ਦਿੱਤੀ ਗਈ ਹੈ। ਕਿਸੇ ਨੂੰ ਇਤਰਾਜ਼ ਹੋਵੇ ਤਾਂ 15 ਦਿਨਾਂ ਦੇ ਅੰਦਰ ਇਤਰਾਜ਼ ਸੰਬੰਧਿਤ ਦਫ਼ਤਰ ਵਿਖੇ ਦਰਜ ਕਰਵਾ ਸਕਦਾ ਹੈ। (9646111625)

ਇਸ਼ਤਿਹਾਰ ਅਤੇ ਕਲਾਸੀਫਾਈਡ ਕੇਵਲ ਅਦਾਰਾ 'ਪਹਿਰੇਦਾਰ' ਦੀ ਈ-ਮੇਲ rozanapehredaradvt@gmail.com 'ਤੇ ਹੀ ਭੇਜੇ ਜਾਣ।
